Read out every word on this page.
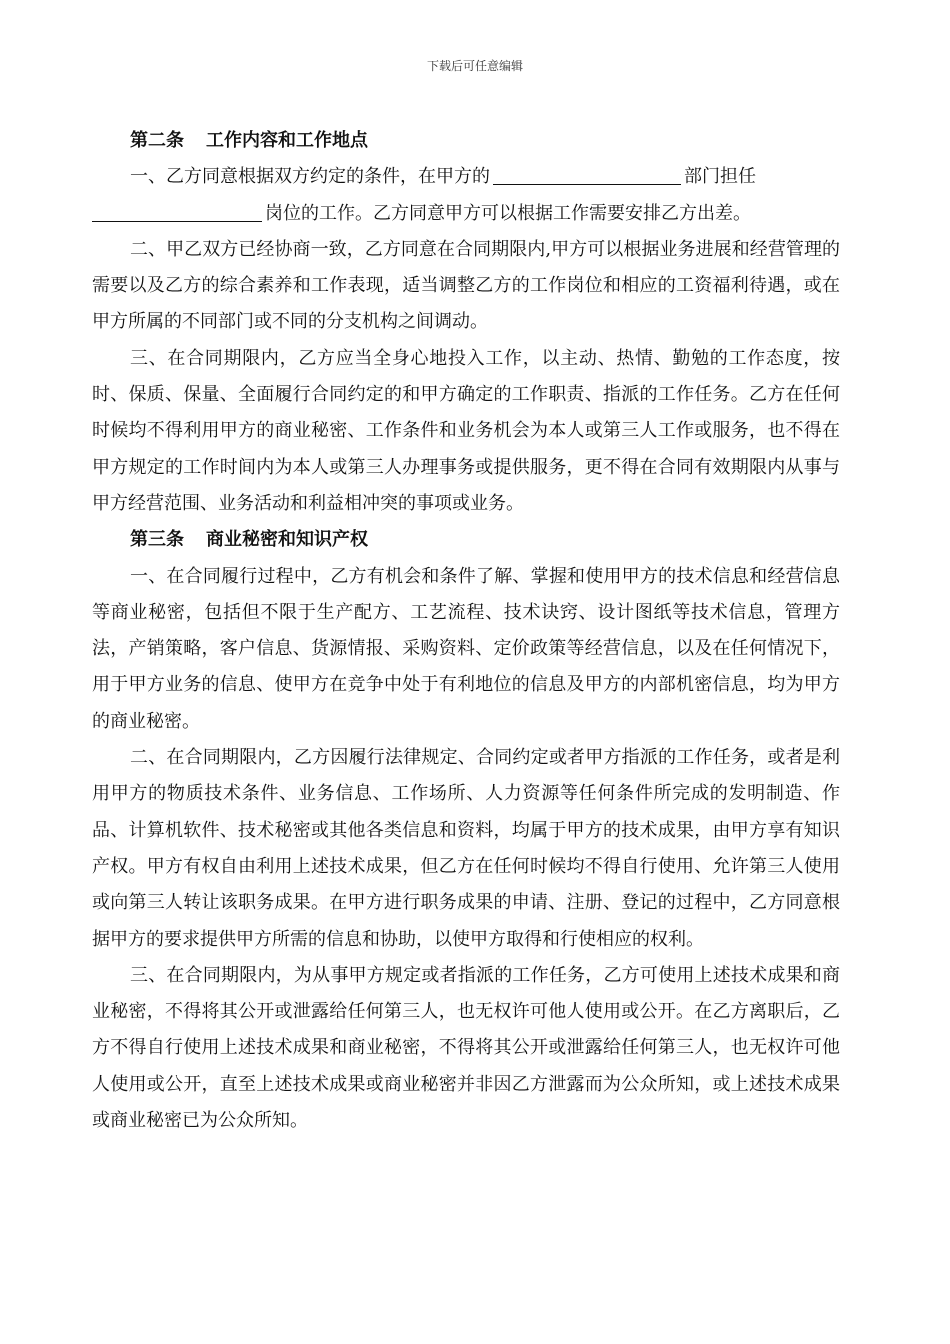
下载后可任意编辑
第二条 工作内容和工作地点

一、乙方同意根据双方约定的条件，在甲方的	部门担任

岗位的工作。乙方同意甲方可以根据工作需要安排乙方出差。

二、甲乙双方已经协商一致，乙方同意在合同期限内,甲方可以根据业务进展和经营管理的需要以及乙方的综合素养和工作表现，适当调整乙方的工作岗位和相应的工资福利待遇，或在甲方所属的不同部门或不同的分支机构之间调动。

三、在合同期限内，乙方应当全身心地投入工作，以主动、热情、勤勉的工作态度，按时、保质、保量、全面履行合同约定的和甲方确定的工作职责、指派的工作任务。乙方在任何时候均不得利用甲方的商业秘密、工作条件和业务机会为本人或第三人工作或服务，也不得在甲方规定的工作时间内为本人或第三人办理事务或提供服务，更不得在合同有效期限内从事与甲方经营范围、业务活动和利益相冲突的事项或业务。

第三条 商业秘密和知识产权

一、在合同履行过程中，乙方有机会和条件了解、掌握和使用甲方的技术信息和经营信息等商业秘密，包括但不限于生产配方、工艺流程、技术诀窍、设计图纸等技术信息，管理方法，产销策略，客户信息、货源情报、采购资料、定价政策等经营信息，以及在任何情况下，用于甲方业务的信息、使甲方在竞争中处于有利地位的信息及甲方的内部机密信息，均为甲方的商业秘密。

二、在合同期限内，乙方因履行法律规定、合同约定或者甲方指派的工作任务，或者是利用甲方的物质技术条件、业务信息、工作场所、人力资源等任何条件所完成的发明制造、作品、计算机软件、技术秘密或其他各类信息和资料，均属于甲方的技术成果，由甲方享有知识产权。甲方有权自由利用上述技术成果，但乙方在任何时候均不得自行使用、允许第三人使用或向第三人转让该职务成果。在甲方进行职务成果的申请、注册、登记的过程中，乙方同意根据甲方的要求提供甲方所需的信息和协助，以使甲方取得和行使相应的权利。

三、在合同期限内，为从事甲方规定或者指派的工作任务，乙方可使用上述技术成果和商业秘密，不得将其公开或泄露给任何第三人，也无权许可他人使用或公开。在乙方离职后，乙方不得自行使用上述技术成果和商业秘密，不得将其公开或泄露给任何第三人，也无权许可他人使用或公开，直至上述技术成果或商业秘密并非因乙方泄露而为公众所知，或上述技术成果或商业秘密已为公众所知。
